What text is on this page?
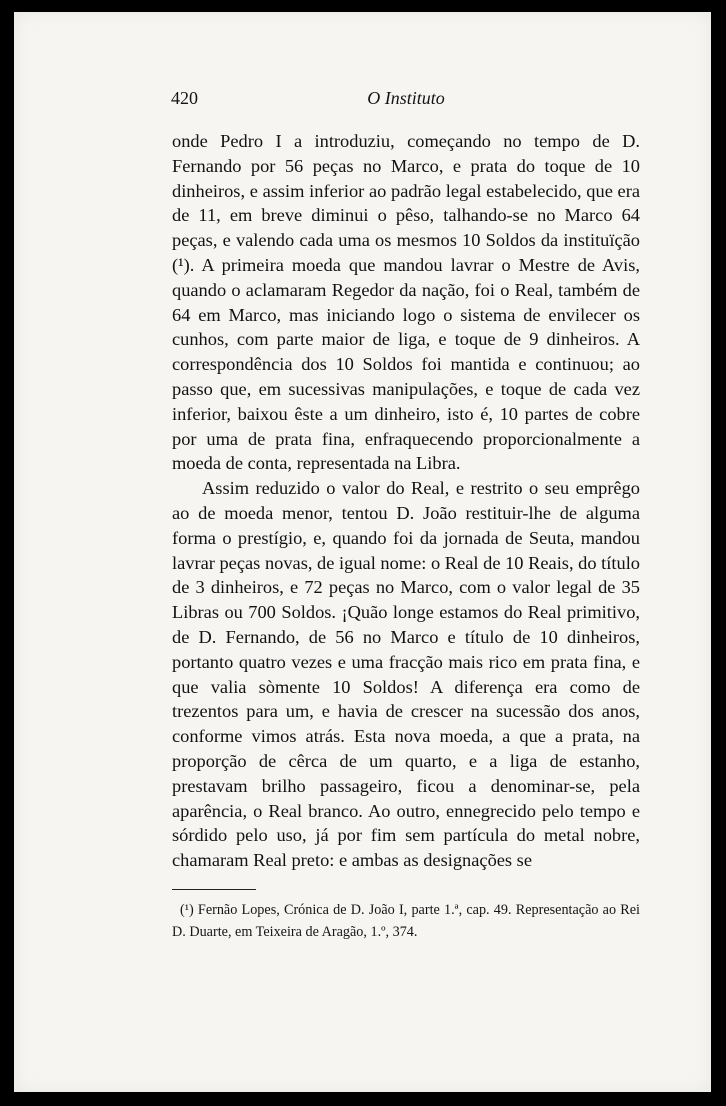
420	O Instituto

onde Pedro I a introduziu, começando no tempo de D. Fernando por 56 peças no Marco, e prata do toque de 10 dinheiros, e assim inferior ao padrão legal estabelecido, que era de 11, em breve diminui o pêso, talhando-se no Marco 64 peças, e valendo cada uma os mesmos 10 Soldos da instituïção (¹). A primeira moeda que mandou lavrar o Mestre de Avis, quando o aclamaram Regedor da nação, foi o Real, também de 64 em Marco, mas iniciando logo o sistema de envilecer os cunhos, com parte maior de liga, e toque de 9 dinheiros. A correspondência dos 10 Soldos foi mantida e continuou; ao passo que, em sucessivas manipulações, e toque de cada vez inferior, baixou êste a um dinheiro, isto é, 10 partes de cobre por uma de prata fina, enfraquecendo proporcionalmente a moeda de conta, representada na Libra.

Assim reduzido o valor do Real, e restrito o seu emprêgo ao de moeda menor, tentou D. João restituir-lhe de alguma forma o prestígio, e, quando foi da jornada de Seuta, mandou lavrar peças novas, de igual nome: o Real de 10 Reais, do título de 3 dinheiros, e 72 peças no Marco, com o valor legal de 35 Libras ou 700 Soldos. ¡Quão longe estamos do Real primitivo, de D. Fernando, de 56 no Marco e título de 10 dinheiros, portanto quatro vezes e uma fracção mais rico em prata fina, e que valia sòmente 10 Soldos! A diferença era como de trezentos para um, e havia de crescer na sucessão dos anos, conforme vimos atrás. Esta nova moeda, a que a prata, na proporção de cêrca de um quarto, e a liga de estanho, prestavam brilho passageiro, ficou a denominar-se, pela aparência, o Real branco. Ao outro, ennegrecido pelo tempo e sórdido pelo uso, já por fim sem partícula do metal nobre, chamaram Real preto: e ambas as designações se

(¹) Fernão Lopes, Crónica de D. João I, parte 1.ª, cap. 49. Representação ao Rei D. Duarte, em Teixeira de Aragão, 1.º, 374.
